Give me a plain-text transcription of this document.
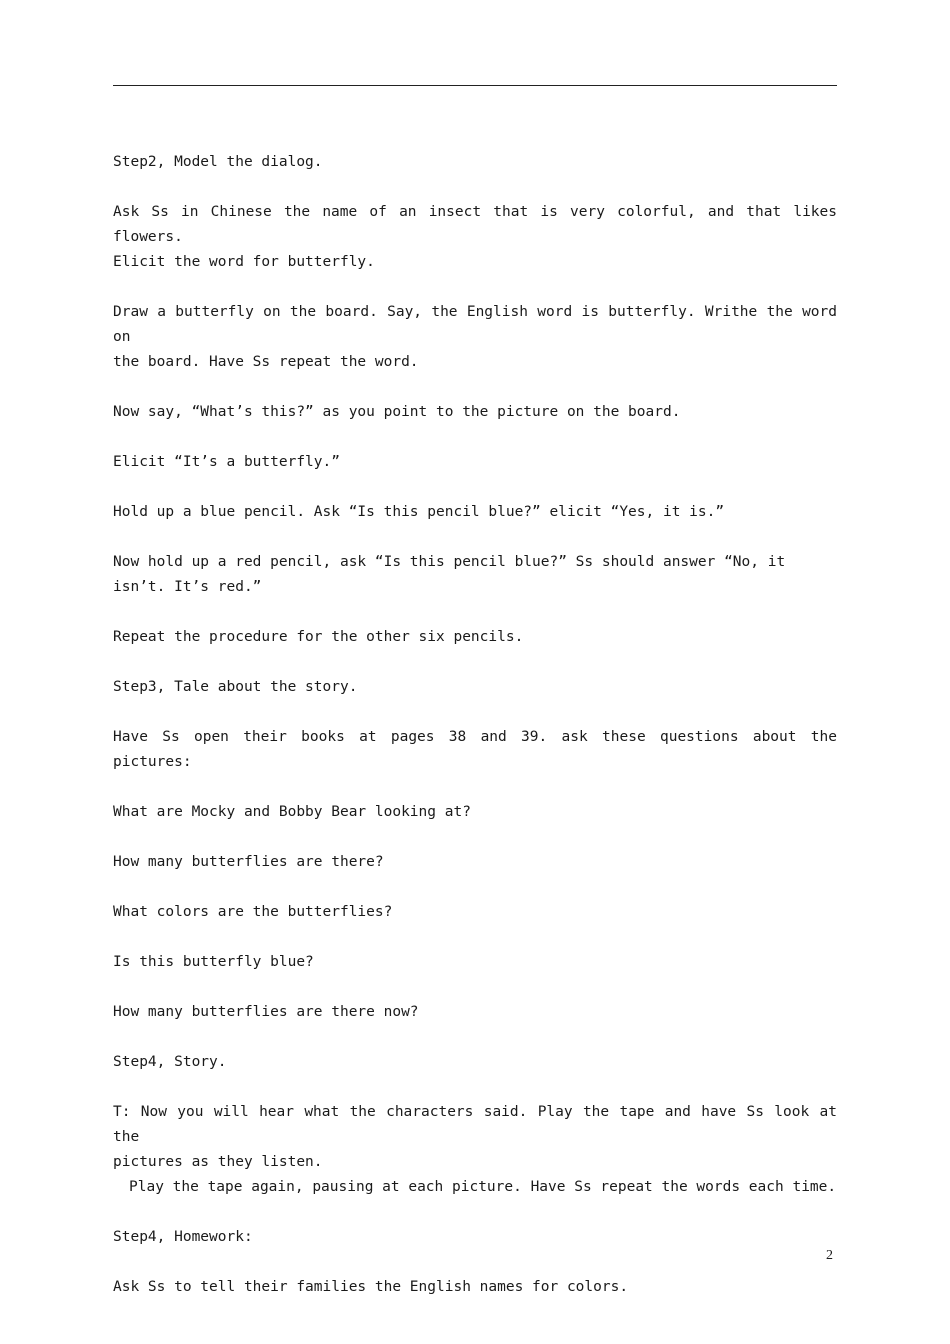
Step2, Model the dialog.

Ask Ss in Chinese the name of an insect that is very colorful, and that likes flowers.
Elicit the word for butterfly.

Draw a butterfly on the board. Say, the English word is butterfly. Writhe the word on
the board. Have Ss repeat the word.

Now say, “What’s this?” as you point to the picture on the board.

Elicit “It’s a butterfly.”

Hold up a blue pencil. Ask “Is this pencil blue?” elicit “Yes, it is.”

Now hold up a red pencil, ask “Is this pencil blue?” Ss should answer “No, it
isn’t. It’s red.”

Repeat the procedure for the other six pencils.

Step3, Tale about the story.

Have Ss open their books at pages 38 and 39. ask these questions about the pictures:

What are Mocky and Bobby Bear looking at?

How many butterflies are there?

What colors are the butterflies?

Is this butterfly blue?

How many butterflies are there now?

Step4, Story.

T: Now you will hear what the characters said. Play the tape and have Ss look at the
pictures as they listen.
Play the tape again, pausing at each picture. Have Ss repeat the words each time.

Step4, Homework:

Ask Ss to tell their families the English names for colors.

2
